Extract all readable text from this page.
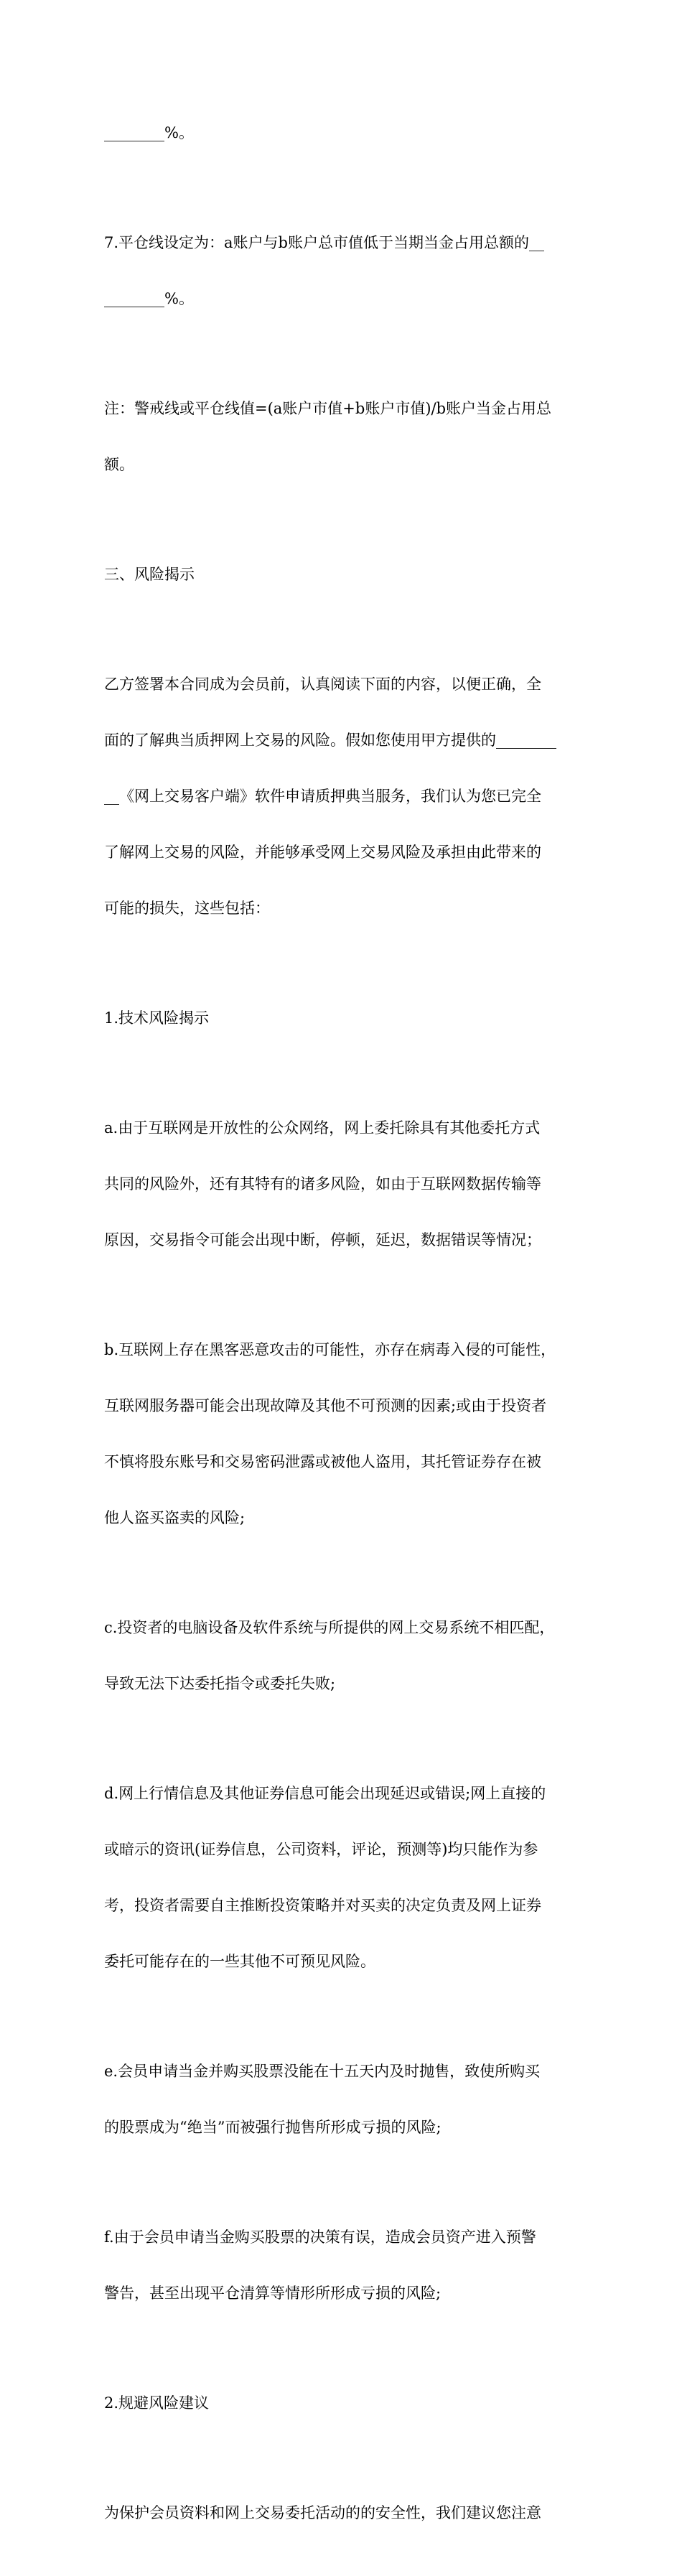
________%。

7.平仓线设定为：a账户与b账户总市值低于当期当金占用总额的__

________%。

注：警戒线或平仓线值=(a账户市值+b账户市值)/b账户当金占用总

额。

三、风险揭示

乙方签署本合同成为会员前，认真阅读下面的内容，以便正确，全

面的了解典当质押网上交易的风险。假如您使用甲方提供的________

__《网上交易客户端》软件申请质押典当服务，我们认为您已完全

了解网上交易的风险，并能够承受网上交易风险及承担由此带来的

可能的损失，这些包括：

1.技术风险揭示

a.由于互联网是开放性的公众网络，网上委托除具有其他委托方式

共同的风险外，还有其特有的诸多风险，如由于互联网数据传输等

原因，交易指令可能会出现中断，停顿，延迟，数据错误等情况；

b.互联网上存在黑客恶意攻击的可能性，亦存在病毒入侵的可能性，

互联网服务器可能会出现故障及其他不可预测的因素;或由于投资者

不慎将股东账号和交易密码泄露或被他人盗用，其托管证券存在被

他人盗买盗卖的风险;

c.投资者的电脑设备及软件系统与所提供的网上交易系统不相匹配，

导致无法下达委托指令或委托失败;

d.网上行情信息及其他证券信息可能会出现延迟或错误;网上直接的

或暗示的资讯(证券信息，公司资料，评论，预测等)均只能作为参

考，投资者需要自主推断投资策略并对买卖的决定负责及网上证券

委托可能存在的一些其他不可预见风险。

e.会员申请当金并购买股票没能在十五天内及时抛售，致使所购买

的股票成为“绝当”而被强行抛售所形成亏损的风险;

f.由于会员申请当金购买股票的决策有误，造成会员资产进入预警

警告，甚至出现平仓清算等情形所形成亏损的风险;

2.规避风险建议

为保护会员资料和网上交易委托活动的的安全性，我们建议您注意
